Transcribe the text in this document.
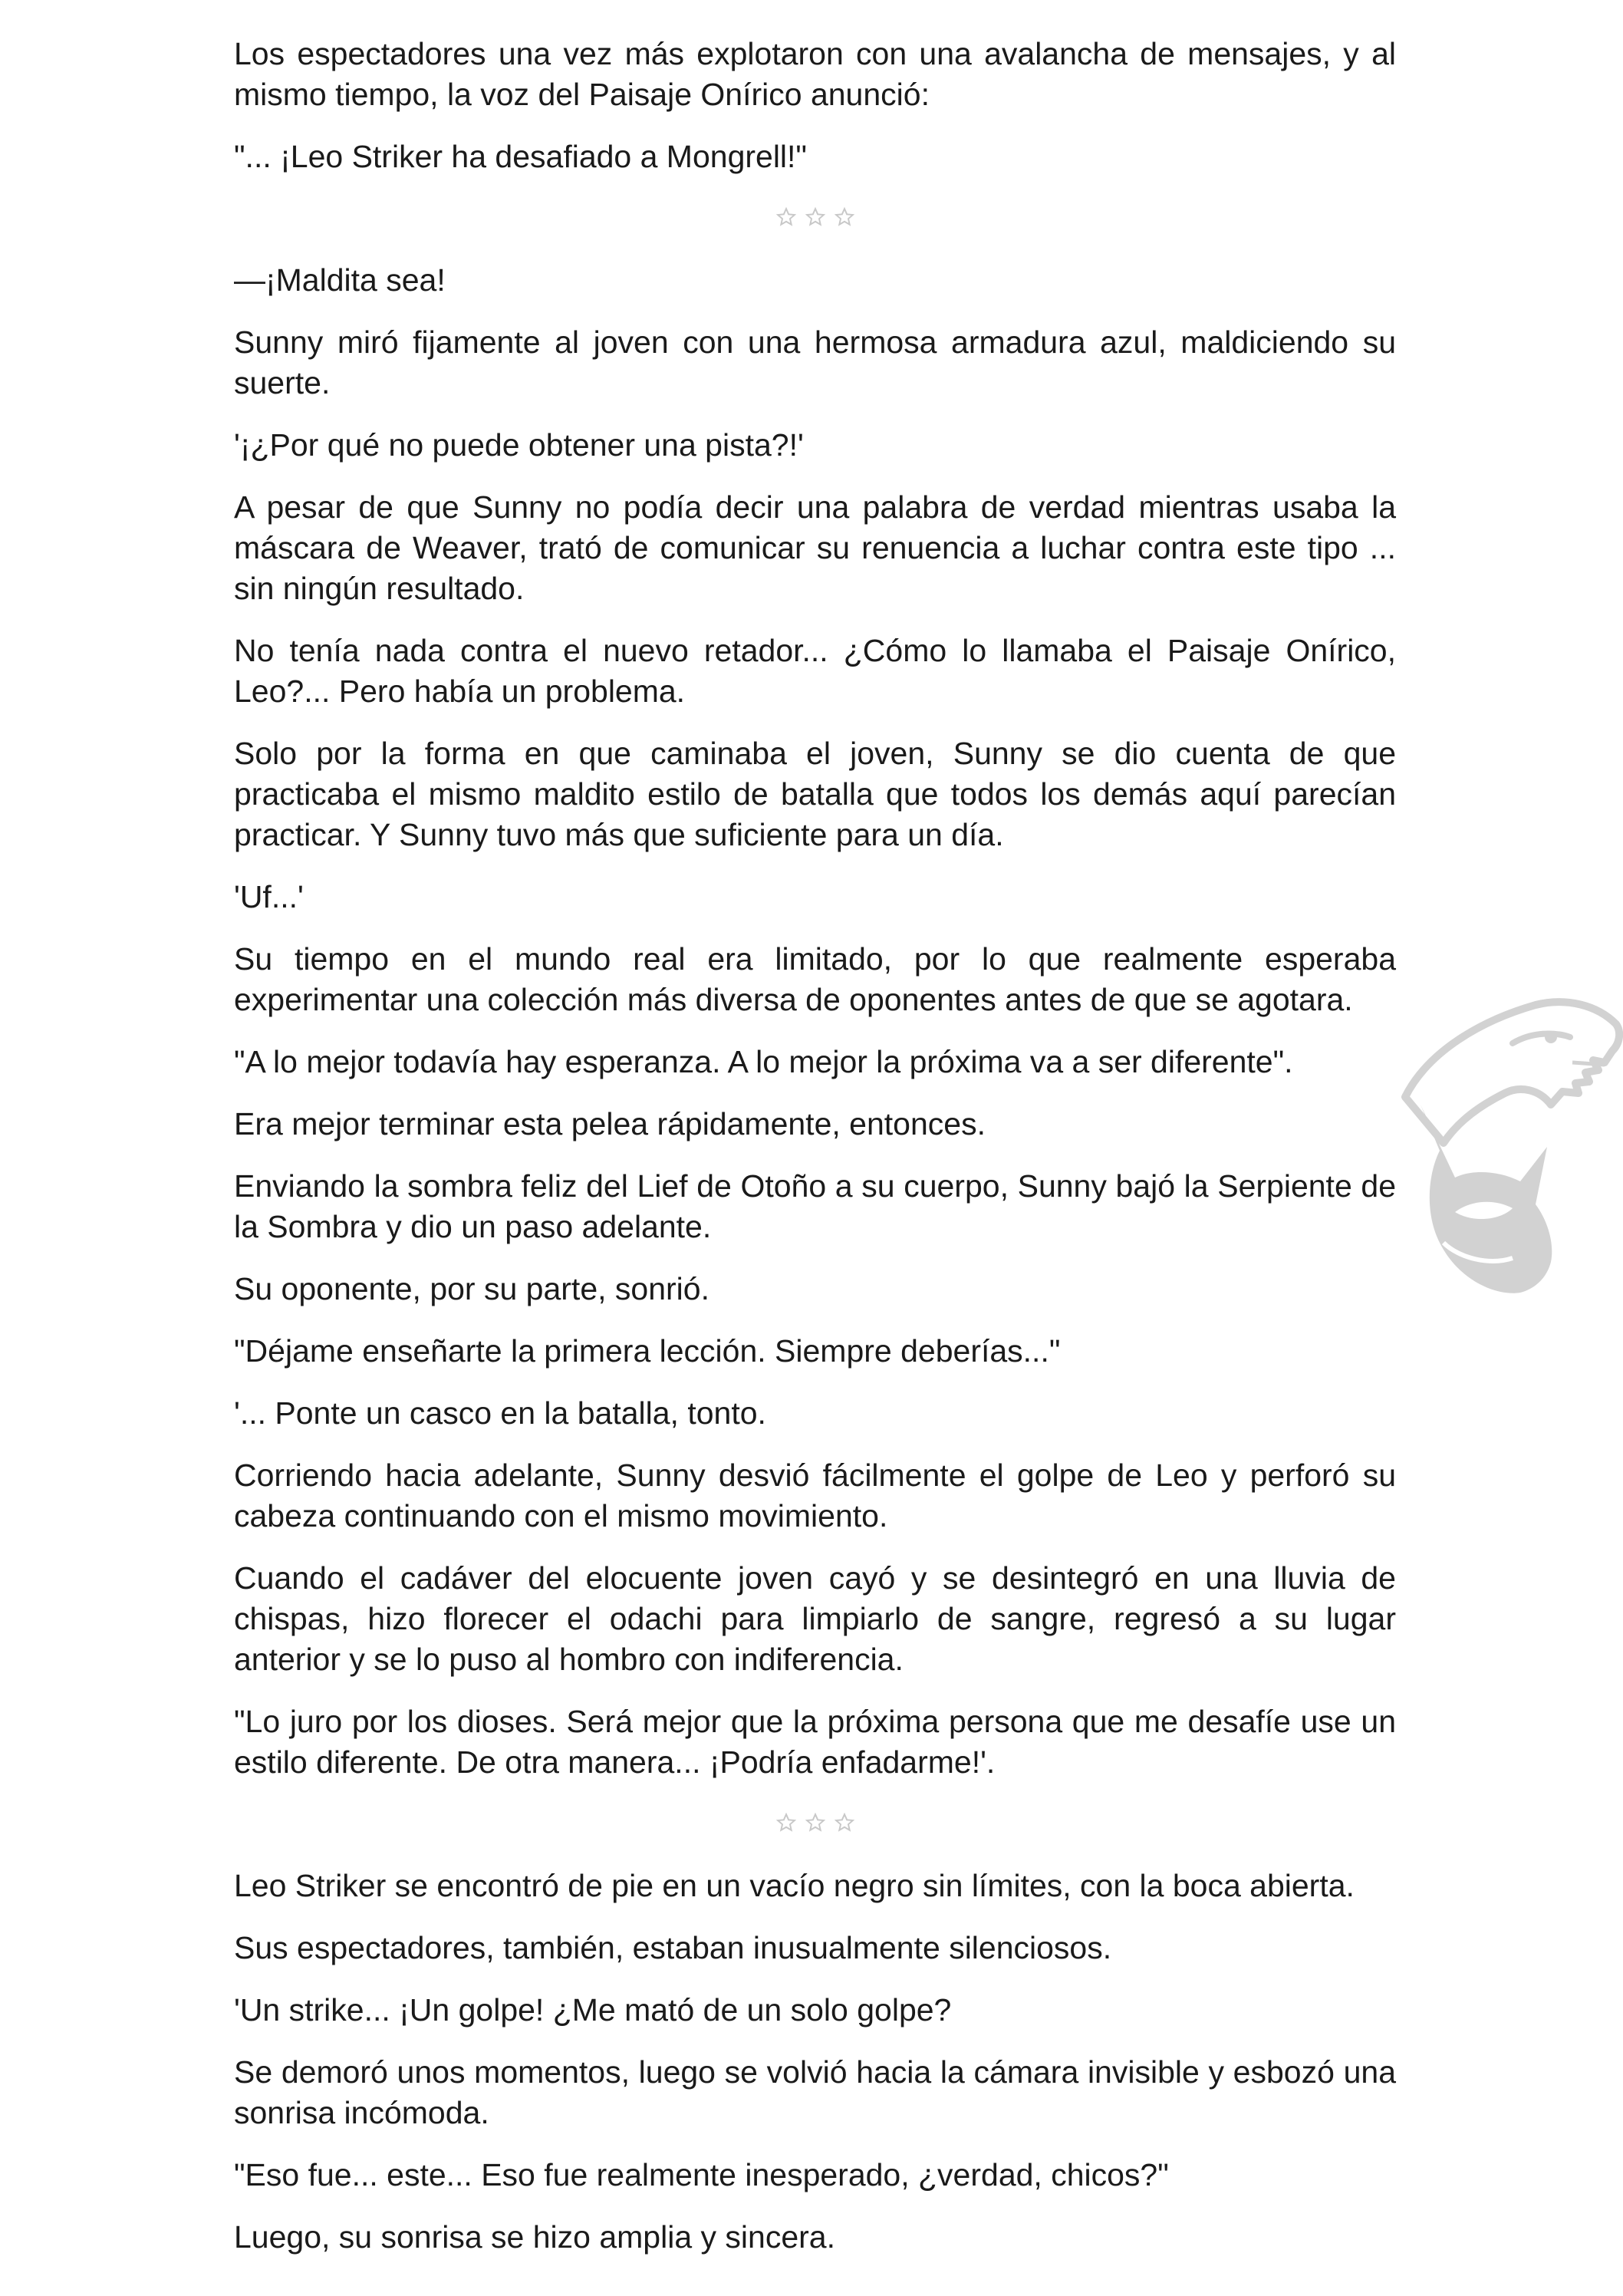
Los espectadores una vez más explotaron con una avalancha de mensajes, y al mismo tiempo, la voz del Paisaje Onírico anunció:

"... ¡Leo Striker ha desafiado a Mongrell!"

—¡Maldita sea!

Sunny miró fijamente al joven con una hermosa armadura azul, maldiciendo su suerte.

'¡¿Por qué no puede obtener una pista?!'

A pesar de que Sunny no podía decir una palabra de verdad mientras usaba la máscara de Weaver, trató de comunicar su renuencia a luchar contra este tipo ... sin ningún resultado.

No tenía nada contra el nuevo retador... ¿Cómo lo llamaba el Paisaje Onírico, Leo?... Pero había un problema.

Solo por la forma en que caminaba el joven, Sunny se dio cuenta de que practicaba el mismo maldito estilo de batalla que todos los demás aquí parecían practicar. Y Sunny tuvo más que suficiente para un día.

'Uf...'

Su tiempo en el mundo real era limitado, por lo que realmente esperaba experimentar una colección más diversa de oponentes antes de que se agotara.

"A lo mejor todavía hay esperanza. A lo mejor la próxima va a ser diferente".

Era mejor terminar esta pelea rápidamente, entonces.

Enviando la sombra feliz del Lief de Otoño a su cuerpo, Sunny bajó la Serpiente de la Sombra y dio un paso adelante.

Su oponente, por su parte, sonrió.

"Déjame enseñarte la primera lección. Siempre deberías..."

'... Ponte un casco en la batalla, tonto.

Corriendo hacia adelante, Sunny desvió fácilmente el golpe de Leo y perforó su cabeza continuando con el mismo movimiento.

Cuando el cadáver del elocuente joven cayó y se desintegró en una lluvia de chispas, hizo florecer el odachi para limpiarlo de sangre, regresó a su lugar anterior y se lo puso al hombro con indiferencia.

"Lo juro por los dioses. Será mejor que la próxima persona que me desafíe use un estilo diferente. De otra manera... ¡Podría enfadarme!'.

Leo Striker se encontró de pie en un vacío negro sin límites, con la boca abierta.

Sus espectadores, también, estaban inusualmente silenciosos.

'Un strike... ¡Un golpe! ¿Me mató de un solo golpe?

Se demoró unos momentos, luego se volvió hacia la cámara invisible y esbozó una sonrisa incómoda.

"Eso fue... este... Eso fue realmente inesperado, ¿verdad, chicos?"

Luego, su sonrisa se hizo amplia y sincera.
